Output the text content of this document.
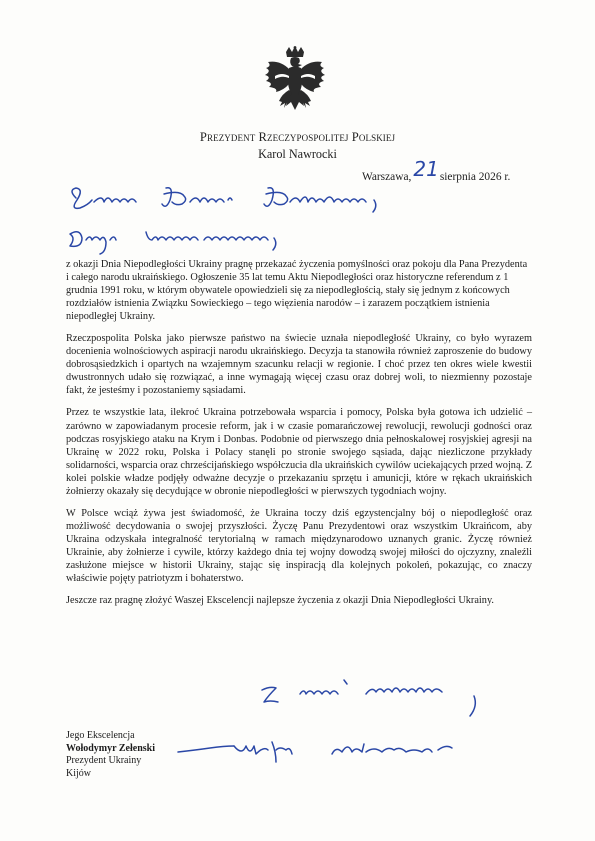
Prezydent Rzeczypospolitej Polskiej
Karol Nawrocki
Warszawa, 21sierpnia 2026 r.

z okazji Dnia Niepodległości Ukrainy pragnę przekazać życzenia pomyślności oraz pokoju dla Pana Prezydenta i całego narodu ukraińskiego. Ogłoszenie 35 lat temu Aktu Niepodległości oraz historyczne referendum z 1 grudnia 1991 roku, w którym obywatele opowiedzieli się za niepodległością, stały się jednym z końcowych rozdziałów istnienia Związku Sowieckiego – tego więzienia narodów – i zarazem początkiem istnienia niepodległej Ukrainy.

Rzeczpospolita Polska jako pierwsze państwo na świecie uznała niepodległość Ukrainy, co było wyrazem docenienia wolnościowych aspiracji narodu ukraińskiego. Decyzja ta stanowiła również zaproszenie do budowy dobrosąsiedzkich i opartych na wzajemnym szacunku relacji w regionie. I choć przez ten okres wiele kwestii dwustronnych udało się rozwiązać, a inne wymagają więcej czasu oraz dobrej woli, to niezmienny pozostaje fakt, że jesteśmy i pozostaniemy sąsiadami.

Przez te wszystkie lata, ilekroć Ukraina potrzebowała wsparcia i pomocy, Polska była gotowa ich udzielić – zarówno w zapowiadanym procesie reform, jak i w czasie pomarańczowej rewolucji, rewolucji godności oraz podczas rosyjskiego ataku na Krym i Donbas. Podobnie od pierwszego dnia pełnoskalowej rosyjskiej agresji na Ukrainę w 2022 roku, Polska i Polacy stanęli po stronie swojego sąsiada, dając niezliczone przykłady solidarności, wsparcia oraz chrześcijańskiego współczucia dla ukraińskich cywilów uciekających przed wojną. Z kolei polskie władze podjęły odważne decyzje o przekazaniu sprzętu i amunicji, które w rękach ukraińskich żołnierzy okazały się decydujące w obronie niepodległości w pierwszych tygodniach wojny.

W Polsce wciąż żywa jest świadomość, że Ukraina toczy dziś egzystencjalny bój o niepodległość oraz możliwość decydowania o swojej przyszłości. Życzę Panu Prezydentowi oraz wszystkim Ukraińcom, aby Ukraina odzyskała integralność terytorialną w ramach międzynarodowo uznanych granic. Życzę również Ukrainie, aby żołnierze i cywile, którzy każdego dnia tej wojny dowodzą swojej miłości do ojczyzny, znaleźli zasłużone miejsce w historii Ukrainy, stając się inspiracją dla kolejnych pokoleń, pokazując, co znaczy właściwie pojęty patriotyzm i bohaterstwo.

Jeszcze raz pragnę złożyć Waszej Ekscelencji najlepsze życzenia z okazji Dnia Niepodległości Ukrainy.

Jego Ekscelencja
Wołodymyr Zełenski
Prezydent Ukrainy
Kijów
